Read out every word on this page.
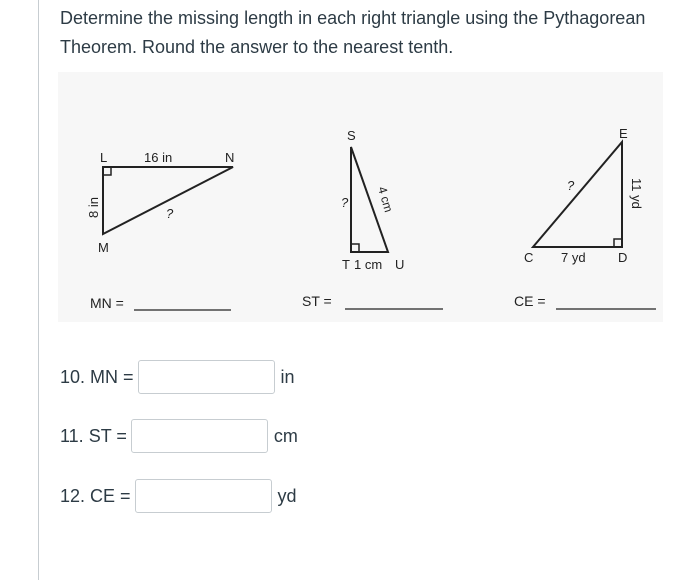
Determine the missing length in each right triangle using the Pythagorean Theorem. Round the answer to the nearest tenth.
L	N
M
16 in
8 in	?
MN =
S
T	U
1 cm
4 cm
?
ST =
E
C	D
7 yd
11 yd
?
CE =
10. MN =	in
11. ST =	cm
12. CE =	yd
